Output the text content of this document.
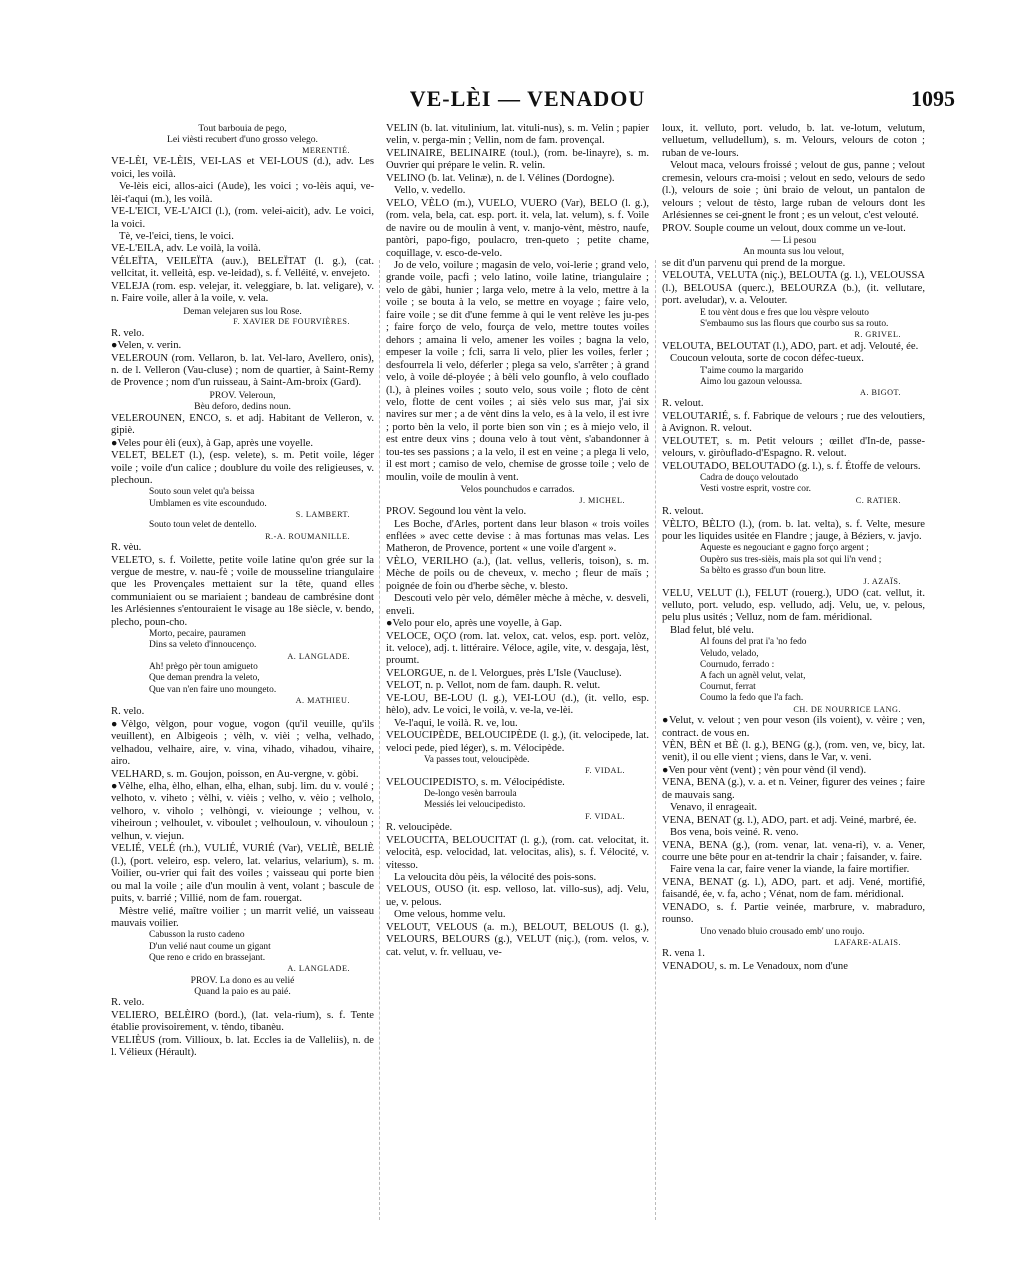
VE-LÈI — VENADOU	1095

Tout barbouia de pego,

Lei vièsti recubert d'uno grosso velego.

MERENTIÉ.

VE-LÈI, VE-LÈIS, VEI-LAS et VEI-LOUS (d.), adv. Les voici, les voilà.

Ve-lèis eici, allos-aici (Aude), les voici ; vo-lèis aqui, ve-lèi-t'aqui (m.), les voilà.

VE-L'EICI, VE-L'AICI (l.), (rom. velei-aicit), adv. Le voici, la voici.

Tè, ve-l'eici, tiens, le voici.

VE-L'EILA, adv. Le voilà, la voilà.

VÉLEÏTA, VEILEÏTA (auv.), BELEÏTAT (l. g.), (cat. vellcitat, it. velleità, esp. ve-leidad), s. f. Velléité, v. envejeto.

VELEJA (rom. esp. velejar, it. veleggiare, b. lat. veligare), v. n. Faire voile, aller à la voile, v. vela.

Deman velejaren sus lou Rose.

F. XAVIER DE FOURVIÈRES.

R. velo.

●Velen, v. verin.

VELEROUN (rom. Vellaron, b. lat. Vel-laro, Avellero, onis), n. de l. Velleron (Vau-cluse) ; nom de quartier, à Saint-Remy de Provence ; nom d'un ruisseau, à Saint-Am-broix (Gard).

PROV. Veleroun,

Bèu deforo, dedins noun.

VELEROUNEN, ENCO, s. et adj. Habitant de Velleron, v. gipiè.

●Veles pour èli (eux), à Gap, après une voyelle.

VELET, BELET (l.), (esp. velete), s. m. Petit voile, léger voile ; voile d'un calice ; doublure du voile des religieuses, v. plechoun.

Souto soun velet qu'a beissa

Umblamen es vite escoundudo.

S. LAMBERT.

Souto toun velet de dentello.

R.-A. ROUMANILLE.

R. vèu.

VELETO, s. f. Voilette, petite voile latine qu'on grée sur la vergue de mestre, v. nau-fè ; voile de mousseline triangulaire que les Provençales mettaient sur la tête, quand elles communiaient ou se mariaient ; bandeau de cambrésine dont les Arlésiennes s'entouraient le visage au 18e siècle, v. bendo, plecho, poun-cho.

Morto, pecaire, pauramen

Dins sa veleto d'innoucenço.

A. LANGLADE.

Ah! prègo pèr toun amigueto

Que deman prendra la veleto,

Que van n'en faire uno moungeto.

A. MATHIEU.

R. velo.

●Vèlgo, vèlgon, pour vogue, vogon (qu'il veuille, qu'ils veuillent), en Albigeois ; vèlh, v. vièi ; velha, velhado, velhadou, velhaire, aire, v. vina, vihado, vihadou, vihaire, airo.

VELHARD, s. m. Goujon, poisson, en Au-vergne, v. gòbi.

●Vèlhe, elha, èlho, elhan, elha, elhan, subj. lim. du v. voulé ; velhoto, v. viheto ; vèlhi, v. vièis ; velho, v. vèio ; velholo, velhoro, v. viholo ; velhòngi, v. vieiounge ; velhou, v. viheiroun ; velhoulet, v. viboulet ; velhouloun, v. vihouloun ; velhun, v. viejun.

VELIÉ, VELÉ (rh.), VULIÉ, VURIÉ (Var), VELIÈ, BELIÈ (l.), (port. veleiro, esp. velero, lat. velarius, velarium), s. m. Voilier, ou-vrier qui fait des voiles ; vaisseau qui porte bien ou mal la voile ; aile d'un moulin à vent, volant ; bascule de puits, v. barrié ; Villié, nom de fam. rouergat.

Mèstre velié, maître voilier ; un marrit velié, un vaisseau mauvais voilier.

Cabusson la rusto cadeno

D'un velié naut coume un gigant

Que reno e crido en brassejant.

A. LANGLADE.

PROV. La dono es au velié

Quand la paio es au paié.

R. velo.

VELIERO, BELÈIRO (bord.), (lat. vela-rium), s. f. Tente établie provisoirement, v. tèndo, tibanèu.

VELIÈUS (rom. Villioux, b. lat. Eccles ia de Valleliis), n. de l. Vélieux (Hérault).

VELIN (b. lat. vitulinium, lat. vituli-nus), s. m. Velin ; papier velin, v. perga-min ; Vellin, nom de fam. provençal.

VELINAIRE, BELINAIRE (toul.), (rom. be-linayre), s. m. Ouvrier qui prépare le velin. R. velin.

VELINO (b. lat. Velinæ), n. de l. Vélines (Dordogne).

Vello, v. vedello.

VELO, VÈLO (m.), VUELO, VUERO (Var), BELO (l. g.), (rom. vela, bela, cat. esp. port. it. vela, lat. velum), s. f. Voile de navire ou de moulin à vent, v. manjo-vènt, mèstro, naufe, pantòri, papo-figo, poulacro, tren-queto ; petite chame, coquillage, v. esco-de-velo.

Jo de velo, voilure ; magasin de velo, voi-lerie ; grand velo, grande voile, pacfi ; velo latino, voile latine, triangulaire ; velo de gàbi, hunier ; larga velo, metre à la velo, mettre à la voile ; se bouta à la velo, se mettre en voyage ; faire velo, faire voile ; se dit d'une femme à qui le vent relève les ju-pes ; faire forço de velo, fourça de velo, mettre toutes voiles dehors ; amaina li velo, amener les voiles ; bagna la velo, empeser la voile ; fcli, sarra li velo, plier les voiles, ferler ; desfourrela li velo, déferler ; plega sa velo, s'arrêter ; à grand velo, à voile dé-ployée ; à bèli velo gounflo, à velo couflado (l.), à pleines voiles ; souto velo, sous voile ; floto de cènt velo, flotte de cent voiles ; ai siès velo sus mar, j'ai six navires sur mer ; a de vènt dins la velo, es à la velo, il est ivre ; porto bèn la velo, il porte bien son vin ; es à miejo velo, il est entre deux vins ; douna velo à tout vènt, s'abandonner à tou-tes ses passions ; a la velo, il est en veine ; a plega li velo, il est mort ; camiso de velo, chemise de grosse toile ; velo de moulin, voile de moulin à vent.

Velos pounchudos e carrados.

J. MICHEL.

PROV. Segound lou vènt la velo.

Les Boche, d'Arles, portent dans leur blason « trois voiles enflées » avec cette devise : à mas fortunas mas velas. Les Matheron, de Provence, portent « une voile d'argent ».

VÈLO, VERILHO (a.), (lat. vellus, velleris, toison), s. m. Mèche de poils ou de cheveux, v. mecho ; fleur de maïs ; poignée de foin ou d'herbe sèche, v. blesto.

Descouti velo pèr velo, démêler mèche à mèche, v. desvelì, envelì.

●Velo pour elo, après une voyelle, à Gap.

VELOCE, OÇO (rom. lat. velox, cat. velos, esp. port. velòz, it. veloce), adj. t. littéraire. Véloce, agile, vite, v. desgaja, lèst, proumt.

VELORGUE, n. de l. Velorgues, près L'Isle (Vaucluse).

VELOT, n. p. Vellot, nom de fam. dauph. R. velut.

VE-LOU, BE-LOU (l. g.), VEI-LOU (d.), (it. vello, esp. hèlo), adv. Le voici, le voilà, v. ve-la, ve-lèi.

Ve-l'aqui, le voilà. R. ve, lou.

VELOUCIPÈDE, BELOUCIPÈDE (l. g.), (it. velocipede, lat. veloci pede, pied léger), s. m. Vélocipède.

Va passes tout, veloucipède.

F. VIDAL.

VELOUCIPEDISTO, s. m. Vélocipédiste.

De-longo vesèn barroula

Messiés lei veloucipedisto.

F. VIDAL.

R. veloucipède.

VELOUCITA, BELOUCITAT (l. g.), (rom. cat. velocitat, it. velocità, esp. velocidad, lat. velocitas, alis), s. f. Vélocité, v. vitesso.

La veloucita dòu pèis, la vélocité des pois-sons.

VELOUS, OUSO (it. esp. velloso, lat. villo-sus), adj. Velu, ue, v. pelous.

Ome velous, homme velu.

VELOUT, VELOUS (a. m.), BELOUT, BELOUS (l. g.), VELOURS, BELOURS (g.), VELUT (niç.), (rom. velos, v. cat. velut, v. fr. velluau, ve-

loux, it. velluto, port. veludo, b. lat. ve-lotum, velutum, velluetum, velludellum), s. m. Velours, velours de coton ; ruban de ve-lours.

Velout maca, velours froissé ; velout de gus, panne ; velout cremesin, velours cra-moisi ; velout en sedo, velours de sedo (l.), velours de soie ; ùni braio de velout, un pantalon de velours ; velout de tèsto, large ruban de velours dont les Arlésiennes se cei-gnent le front ; es un velout, c'est velouté.

PROV. Souple coume un velout, doux comme un ve-lout.

— Li pesou

An mounta sus lou velout,

se dit d'un parvenu qui prend de la morgue.

VELOUTA, VELUTA (niç.), BELOUTA (g. l.), VELOUSSA (l.), BELOUSA (querc.), BELOURZA (b.), (it. vellutare, port. aveludar), v. a. Velouter.

E tou vènt dous e fres que lou vèspre velouto

S'embaumo sus las flours que courbo sus sa routo.

R. GRIVEL.

VELOUTA, BELOUTAT (l.), ADO, part. et adj. Velouté, ée.

Coucoun velouta, sorte de cocon défec-tueux.

T'aime coumo la margarido

Aimo lou gazoun veloussa.

A. BIGOT.

R. velout.

VELOUTARIÉ, s. f. Fabrique de velours ; rue des veloutiers, à Avignon. R. velout.

VELOUTET, s. m. Petit velours ; œillet d'In-de, passe-velours, v. giròuflado-d'Espagno. R. velout.

VELOUTADO, BELOUTADO (g. l.), s. f. Étoffe de velours.

Cadra de douço veloutado

Vesti vostre esprit, vostre cor.

C. RATIER.

R. velout.

VÈLTO, BÈLTO (l.), (rom. b. lat. velta), s. f. Velte, mesure pour les liquides usitée en Flandre ; jauge, à Béziers, v. javjo.

Aqueste es negouciant e gagno forço argent ;

Oupèro sus tres-sièis, mais pla sot qui li'n vend ;

Sa bèlto es grasso d'un boun litre.

J. AZAÏS.

VELU, VELUT (l.), FELUT (rouerg.), UDO (cat. vellut, it. velluto, port. veludo, esp. velludo, adj. Velu, ue, v. pelous, pelu plus usités ; Velluz, nom de fam. méridional.

Blad felut, blé velu.

Al founs del prat i'a 'no fedo

Veludo, velado,

Cournudo, ferrado :

A fach un agnèl velut, velat,

Cournut, ferrat

Coumo la fedo que l'a fach.

CH. DE NOURRICE LANG.

●Velut, v. velout ; ven pour veson (ils voient), v. vèire ; ven, contract. de vous en.

VÈN, BÈN et BÈ (l. g.), BENG (g.), (rom. ven, ve, bicy, lat. venit), il ou elle vient ; viens, dans le Var, v. veni.

●Ven pour vènt (vent) ; vèn pour vènd (il vend).

VENA, BENA (g.), v. a. et n. Veiner, figurer des veines ; faire de mauvais sang.

Venavo, il enrageait.

VENA, BENAT (g. l.), ADO, part. et adj. Veiné, marbré, ée.

Bos vena, bois veiné. R. veno.

VENA, BENA (g.), (rom. venar, lat. vena-ri), v. a. Vener, courre une bête pour en at-tendrir la chair ; faisander, v. faire.

Faire vena la car, faire vener la viande, la faire mortifier.

VENA, BENAT (g. l.), ADO, part. et adj. Vené, mortifié, faisandé, ée, v. fa, acho ; Vénat, nom de fam. méridional.

VENADO, s. f. Partie veinée, marbrure, v. mabraduro, rounso.

Uno venado bluio crousado emb' uno roujo.

LAFARE-ALAIS.

R. vena 1.

VENADOU, s. m. Le Venadoux, nom d'une
